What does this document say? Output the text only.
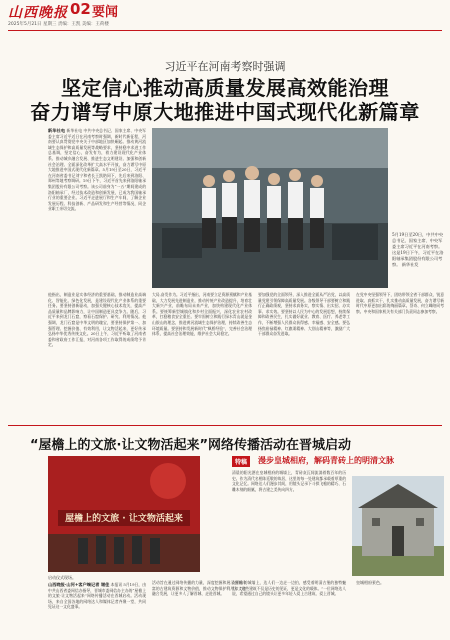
山西晚报 02 要闻
2025年5月21日 星期三 责编：王凯 美编：王荷楼
习近平在河南考察时强调
坚定信心推动高质量发展高效能治理
奋力谱写中原大地推进中国式现代化新篇章
新华社电 新华社电 中共中央总书记、国家主席、中央军委主席习近平近日在河南考察时强调，新时代新征程，河南要认真贯彻党中央关于中部地区加快崛起、推动黄河流域生态保护和高质量发展等战略要求，坚持稳中求进工作总基调，坚定信心，奋发有为，着力建设现代化产业体系、推动城乡融合发展、推进生态文明建设、加强和创新社会治理、全面深化改革扩大高水平开放，奋力谱写中原大地推进中国式现代化新篇章。5月19日至20日，习近平在河南省委书记刘宁和省长王凯陪同下，先后来到洛阳、郑州等地考察调研。19日下午，习近平首先来到洛阳轴承集团股份有限公司考察。该公司前身为“一五”期间建成的洛阳轴承厂，经过技术改造和创新发展，已成为我国轴承行业的重要企业。习近平走进展厅和生产车间，了解企业发展历程、科技创新、产品研发和生产经营等情况，同企业职工亲切交流。
他指出，制造业是实体经济的重要基础，推动制造业高端化、智能化、绿色化发展，是建设现代化产业体系的重要任务。要坚持创新驱动，加强关键核心技术攻关，提高产品质量和品牌影响力，让中国制造更具竞争力。随后，习近平来到龙门石窟，察看石窟保护、研究、利用情况。他强调，龙门石窟是中华文明的瑰宝，要坚持保护第一、加强管理、挖掘价值、有效利用，让文物活起来，更好传承弘扬中华优秀传统文化。20日上午，习近平听取了河南省委和省政府工作汇报，对河南各项工作取得的成绩给予肯定。
大局,奋发作为。习近平指出，河南要立足资源禀赋和产业基础，大力发展先进制造业，推动传统产业改造提升，培育壮大新兴产业，前瞻布局未来产业，加快构建现代化产业体系。要统筹新型城镇化和乡村全面振兴，深化农业农村改革，扛稳粮食安全重任。要牢固树立和践行绿水青山就是金山银山的理念，推进黄河流域生态保护治理，持续改善生态环境质量。要坚持和发展新时代“枫桥经验”，完善社会治理体系，提高社会治理效能，维护社会大局稳定。
要加强党的全面领导，深入推进全面从严治党，以高质量党建引领保障高质量发展。各级领导干部要树立和践行正确政绩观，坚持求真务实，察实情、出实招、办实事、求实效。要坚持以人民为中心的发展思想，持续保障和改善民生，扎实做好就业、教育、医疗、养老等工作，不断增强人民群众获得感、幸福感、安全感。要弘扬焦裕禄精神、红旗渠精神、大别山精神等，激励广大干部群众奋发进取。
在党中央坚强领导下，团结带领全省干部群众，锐意进取、真抓实干，扎实推动高质量发展，奋力谱写新时代中原更加出彩的绚丽篇章。蔡奇、何立峰陪同考察。中央和国家机关有关部门负责同志参加考察。
5月19日至20日，中共中央总书记、国家主席、中央军委主席习近平在河南考察。这是19日下午，习近平在洛阳轴承集团股份有限公司考察。 新华社发
“屋檐上的文旅·让文物活起来”网络传播活动在晋城启动
屋檐上的文旅 · 让文物活起来
启动仪式现场。
山西晚报·山河+客户端记者 谢佳 本报讯 5月19日，由中共山西省委网信办指导，晋城市委网信办主办的“屋檐上的文旅·让文物活起来”网络传播活动在晋城启动。活动现场，来自全国各地的网络达人和媒体记者齐聚一堂，共同见证这一文化盛事。
活动旨在通过网络传播的力量，深度挖掘和展示晋城丰富的古建筑资源和文物价值，推动文物保护利用和文旅融合发展，让更多人了解晋城、走进晋城。
特稿	漫步皇城相府，解码青砖上的明清文脉
清晨的阳光洒在皇城相府的城墙上，青砖灰瓦间流淌着数百年的历史。作为清代名相陈廷敬的故居，这里的每一处建筑都承载着厚重的文化记忆。网络达人们漫步其间，用镜头记录下斗拱飞檐的精巧、石雕木刻的细腻，将古建之美传向四方。
在相府的城墙上，达人们一边走一边拍，感受着明清古堡的独特魅力。“这些建筑不仅是历史的见证，更是文化的载体。”一位网络达人说，希望通过自己的镜头让更多年轻人爱上古建筑、爱上晋城。
皇城相府景色。
